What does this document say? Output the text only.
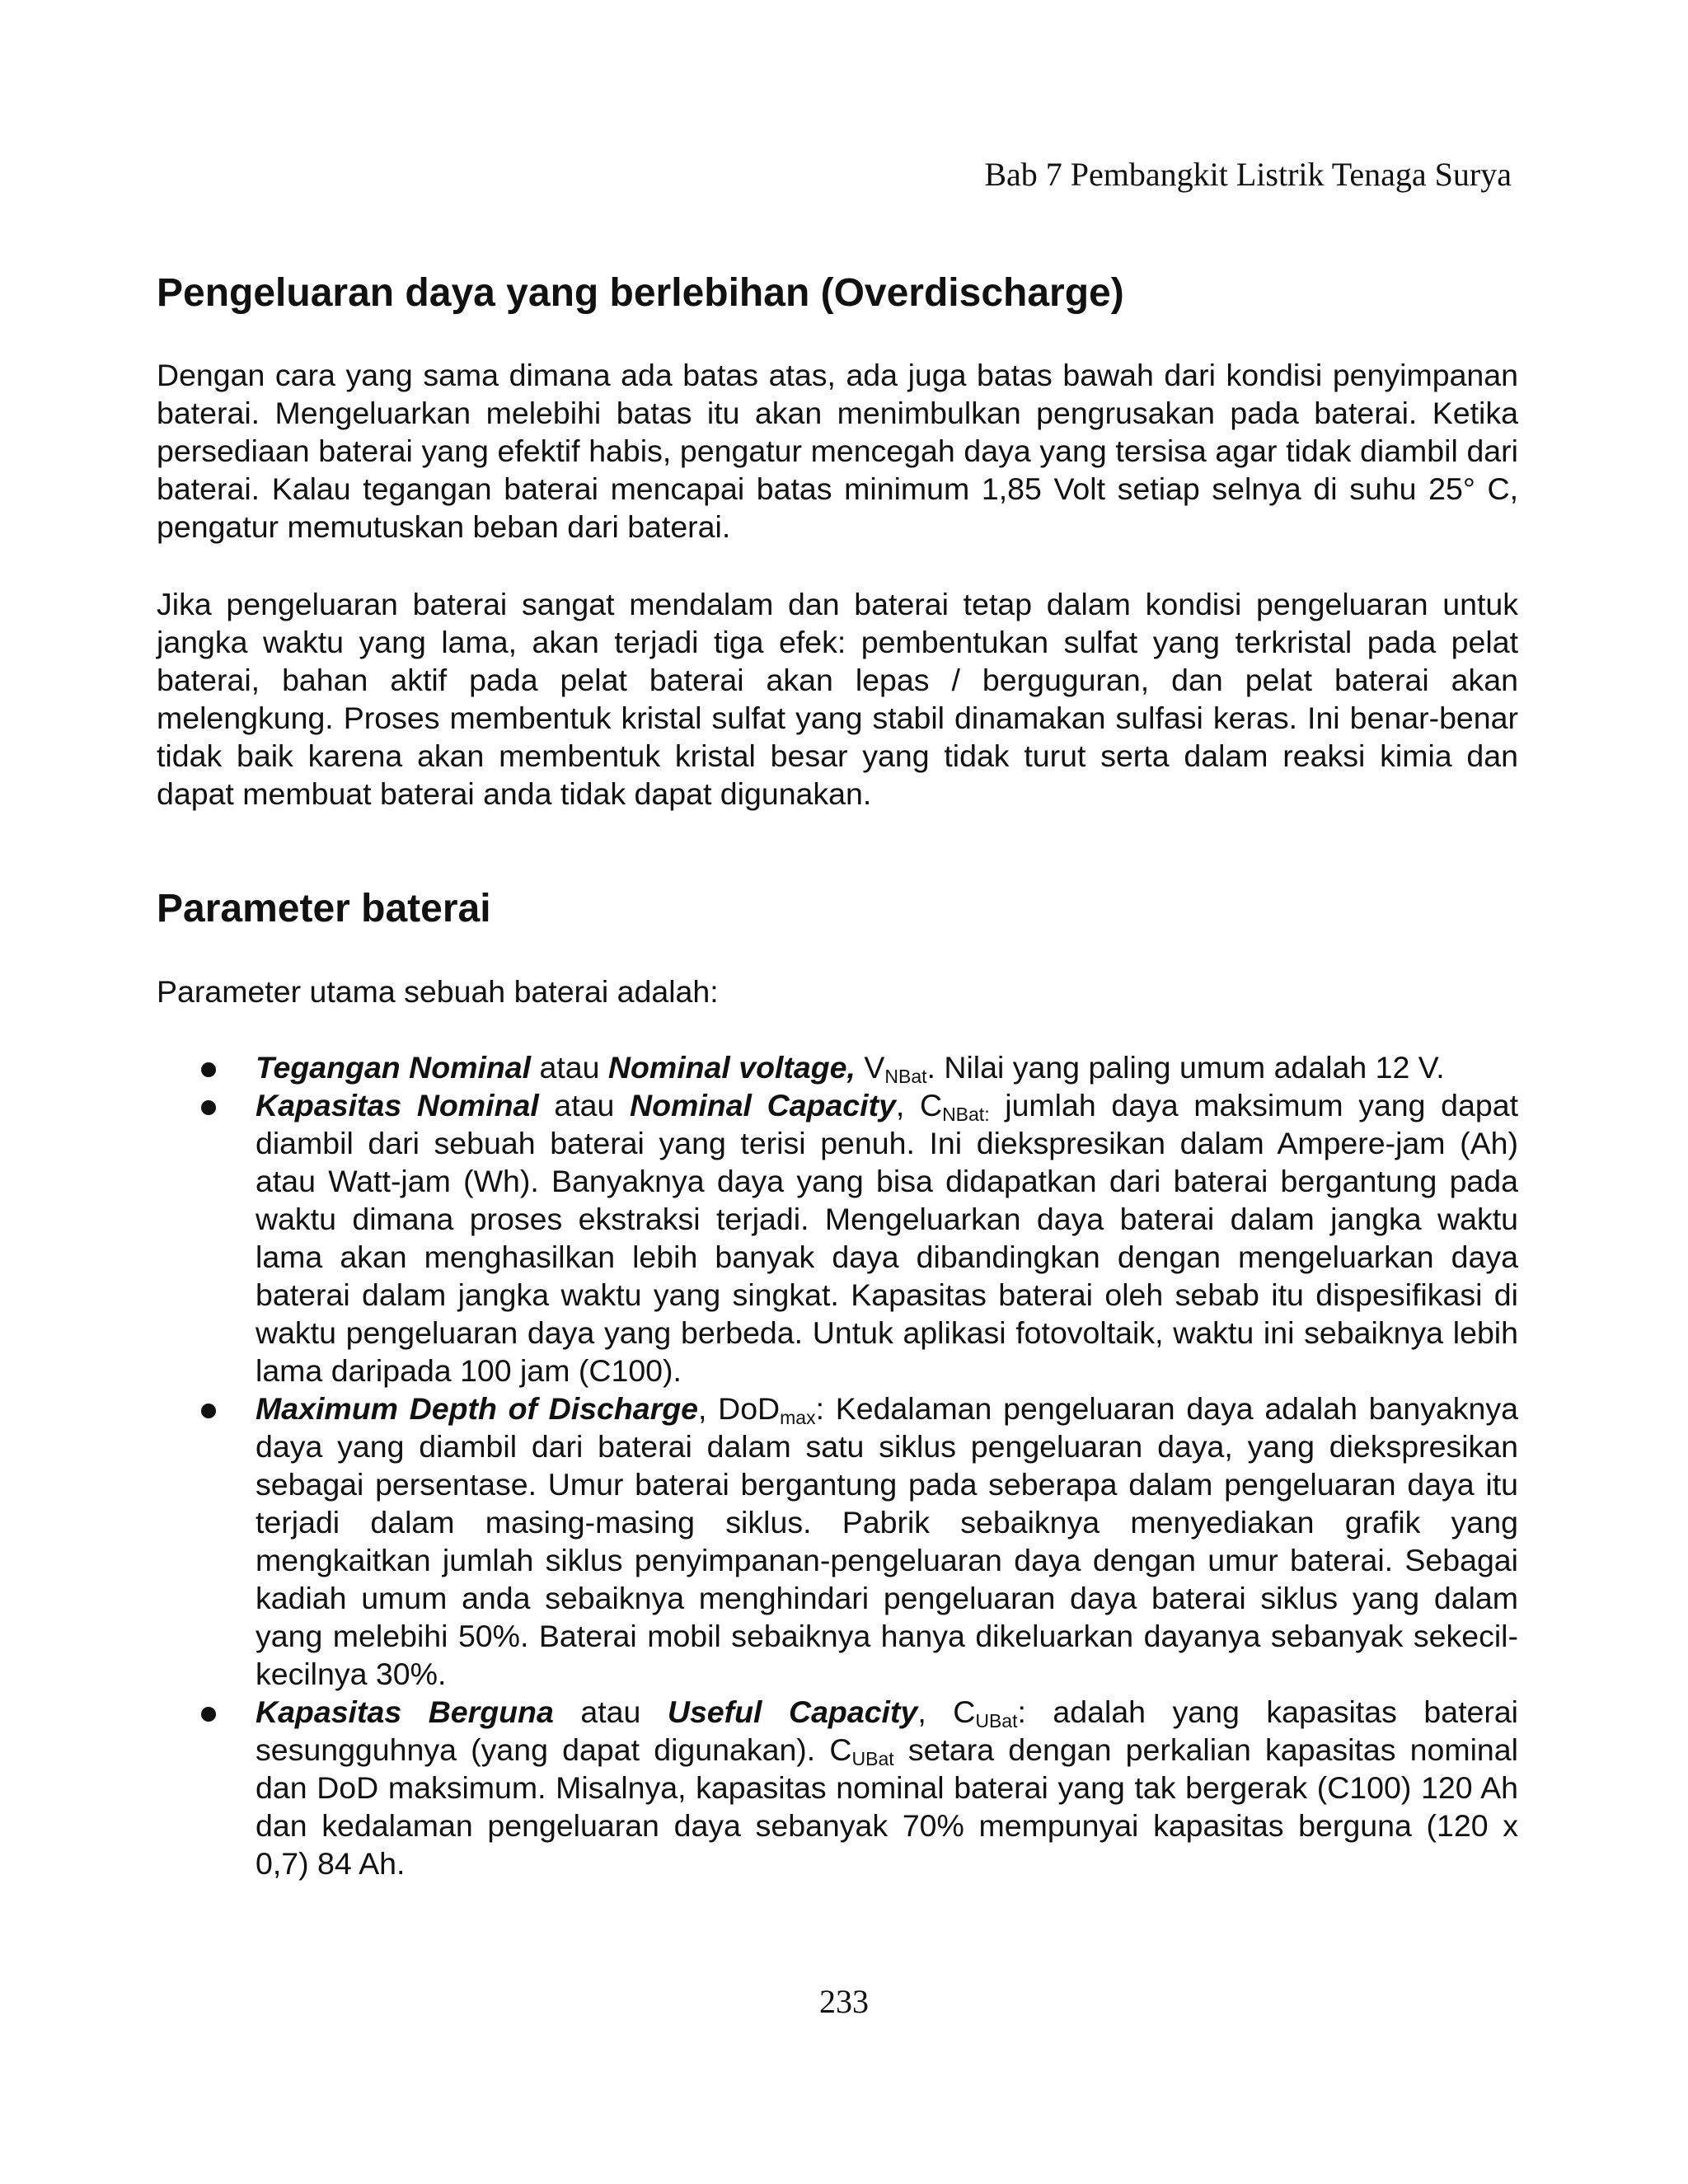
Bab 7 Pembangkit Listrik Tenaga Surya
Pengeluaran daya yang berlebihan (Overdischarge)

Dengan cara yang sama dimana ada batas atas, ada juga batas bawah dari kondisi penyimpanan baterai. Mengeluarkan melebihi batas itu akan menimbulkan pengrusakan pada baterai. Ketika persediaan baterai yang efektif habis, pengatur mencegah daya yang tersisa agar tidak diambil dari baterai. Kalau tegangan baterai mencapai batas minimum 1,85 Volt setiap selnya di suhu 25° C, pengatur memutuskan beban dari baterai.

Jika pengeluaran baterai sangat mendalam dan baterai tetap dalam kondisi pengeluaran untuk jangka waktu yang lama, akan terjadi tiga efek: pembentukan sulfat yang terkristal pada pelat baterai, bahan aktif pada pelat baterai akan lepas / berguguran, dan pelat baterai akan melengkung. Proses membentuk kristal sulfat yang stabil dinamakan sulfasi keras. Ini benar-benar tidak baik karena akan membentuk kristal besar yang tidak turut serta dalam reaksi kimia dan dapat membuat baterai anda tidak dapat digunakan.

Parameter baterai

Parameter utama sebuah baterai adalah:

Tegangan Nominal atau Nominal voltage, $V_{NBat}$. Nilai yang paling umum adalah 12 V.
Kapasitas Nominal atau Nominal Capacity, $C_{NBat:}$ jumlah daya maksimum yang dapat diambil dari sebuah baterai yang terisi penuh. Ini diekspresikan dalam Ampere-jam (Ah) atau Watt-jam (Wh). Banyaknya daya yang bisa didapatkan dari baterai bergantung pada waktu dimana proses ekstraksi terjadi. Mengeluarkan daya baterai dalam jangka waktu lama akan menghasilkan lebih banyak daya dibandingkan dengan mengeluarkan daya baterai dalam jangka waktu yang singkat. Kapasitas baterai oleh sebab itu dispesifikasi di waktu pengeluaran daya yang berbeda. Untuk aplikasi fotovoltaik, waktu ini sebaiknya lebih lama daripada 100 jam (C100).
Maximum Depth of Discharge, DoD$_{max}$: Kedalaman pengeluaran daya adalah banyaknya daya yang diambil dari baterai dalam satu siklus pengeluaran daya, yang diekspresikan sebagai persentase. Umur baterai bergantung pada seberapa dalam pengeluaran daya itu terjadi dalam masing-masing siklus. Pabrik sebaiknya menyediakan grafik yang mengkaitkan jumlah siklus penyimpanan-pengeluaran daya dengan umur baterai. Sebagai kadiah umum anda sebaiknya menghindari pengeluaran daya baterai siklus yang dalam yang melebihi 50%. Baterai mobil sebaiknya hanya dikeluarkan dayanya sebanyak sekecil-kecilnya 30%.
Kapasitas Berguna atau Useful Capacity, $C_{UBat}$: adalah yang kapasitas baterai sesungguhnya (yang dapat digunakan). $C_{UBat}$ setara dengan perkalian kapasitas nominal dan DoD maksimum. Misalnya, kapasitas nominal baterai yang tak bergerak (C100) 120 Ah dan kedalaman pengeluaran daya sebanyak 70% mempunyai kapasitas berguna (120 x 0,7) 84 Ah.
233
